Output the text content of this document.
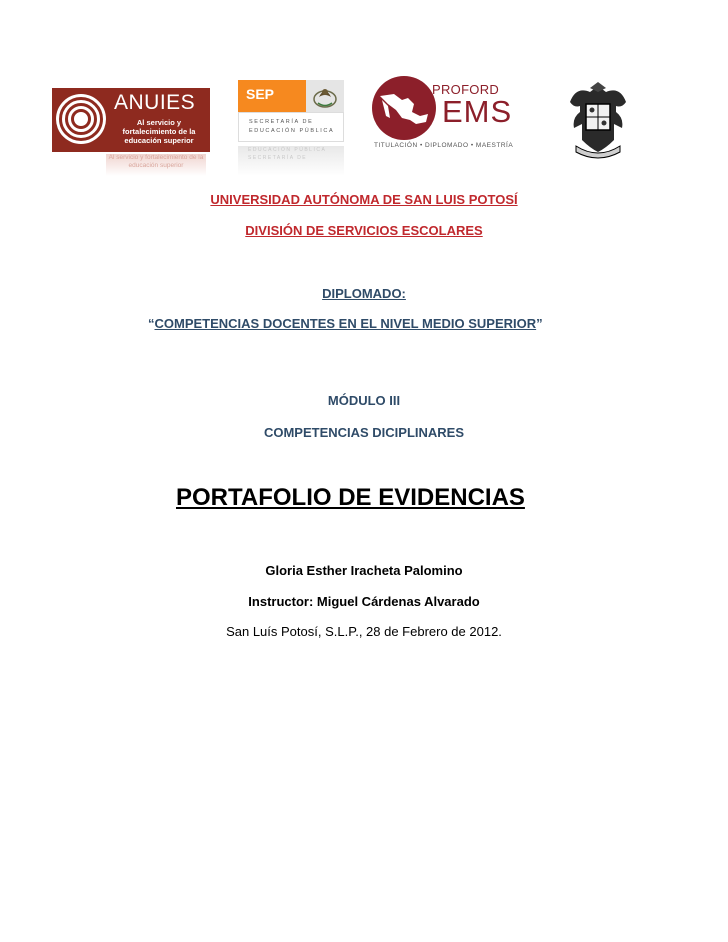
ANUIES
Al servicio y fortalecimiento de la educación superior
Al servicio y fortalecimiento de la educación superior
SEP
SECRETARÍA DE
EDUCACIÓN PÚBLICA
EDUCACIÓN PÚBLICA
SECRETARÍA DE
PROFORD
EMS
TITULACIÓN • DIPLOMADO • MAESTRÍA
UNIVERSIDAD AUTÓNOMA DE SAN LUIS POTOSÍ
DIVISIÓN DE SERVICIOS ESCOLARES
DIPLOMADO:
“COMPETENCIAS DOCENTES EN EL NIVEL MEDIO SUPERIOR”
MÓDULO III
COMPETENCIAS DICIPLINARES
PORTAFOLIO DE EVIDENCIAS
Gloria Esther Iracheta Palomino
Instructor: Miguel Cárdenas Alvarado
San Luís Potosí, S.L.P., 28 de Febrero de 2012.
